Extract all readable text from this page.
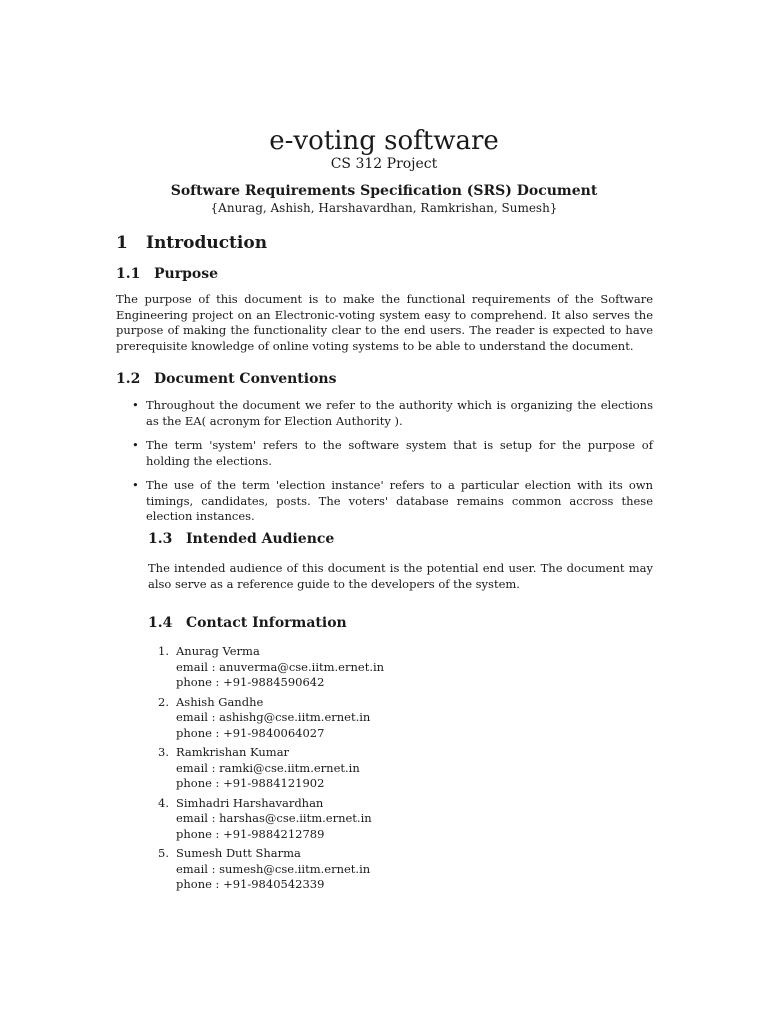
e-voting software
CS 312 Project
Software Requirements Specification (SRS) Document
{Anurag, Ashish, Harshavardhan, Ramkrishan, Sumesh}
1 Introduction
1.1 Purpose

The purpose of this document is to make the functional requirements of the Software Engineering project on an Electronic-voting system easy to comprehend. It also serves the purpose of making the functionality clear to the end users. The reader is expected to have prerequisite knowledge of online voting systems to be able to understand the document.

1.2 Document Conventions
• Throughout the document we refer to the authority which is organizing the elections as the EA( acronym for Election Authority ).
• The term 'system' refers to the software system that is setup for the purpose of holding the elections.
• The use of the term 'election instance' refers to a particular election with its own timings, candidates, posts. The voters' database remains common accross these election instances.
1.3 Intended Audience

The intended audience of this document is the potential end user. The document may also serve as a reference guide to the developers of the system.

1.4 Contact Information
1. Anurag Verma
email : anuverma@cse.iitm.ernet.in
phone : +91-9884590642
2. Ashish Gandhe
email : ashishg@cse.iitm.ernet.in
phone : +91-9840064027
3. Ramkrishan Kumar
email : ramki@cse.iitm.ernet.in
phone : +91-9884121902
4. Simhadri Harshavardhan
email : harshas@cse.iitm.ernet.in
phone : +91-9884212789
5. Sumesh Dutt Sharma
email : sumesh@cse.iitm.ernet.in
phone : +91-9840542339
